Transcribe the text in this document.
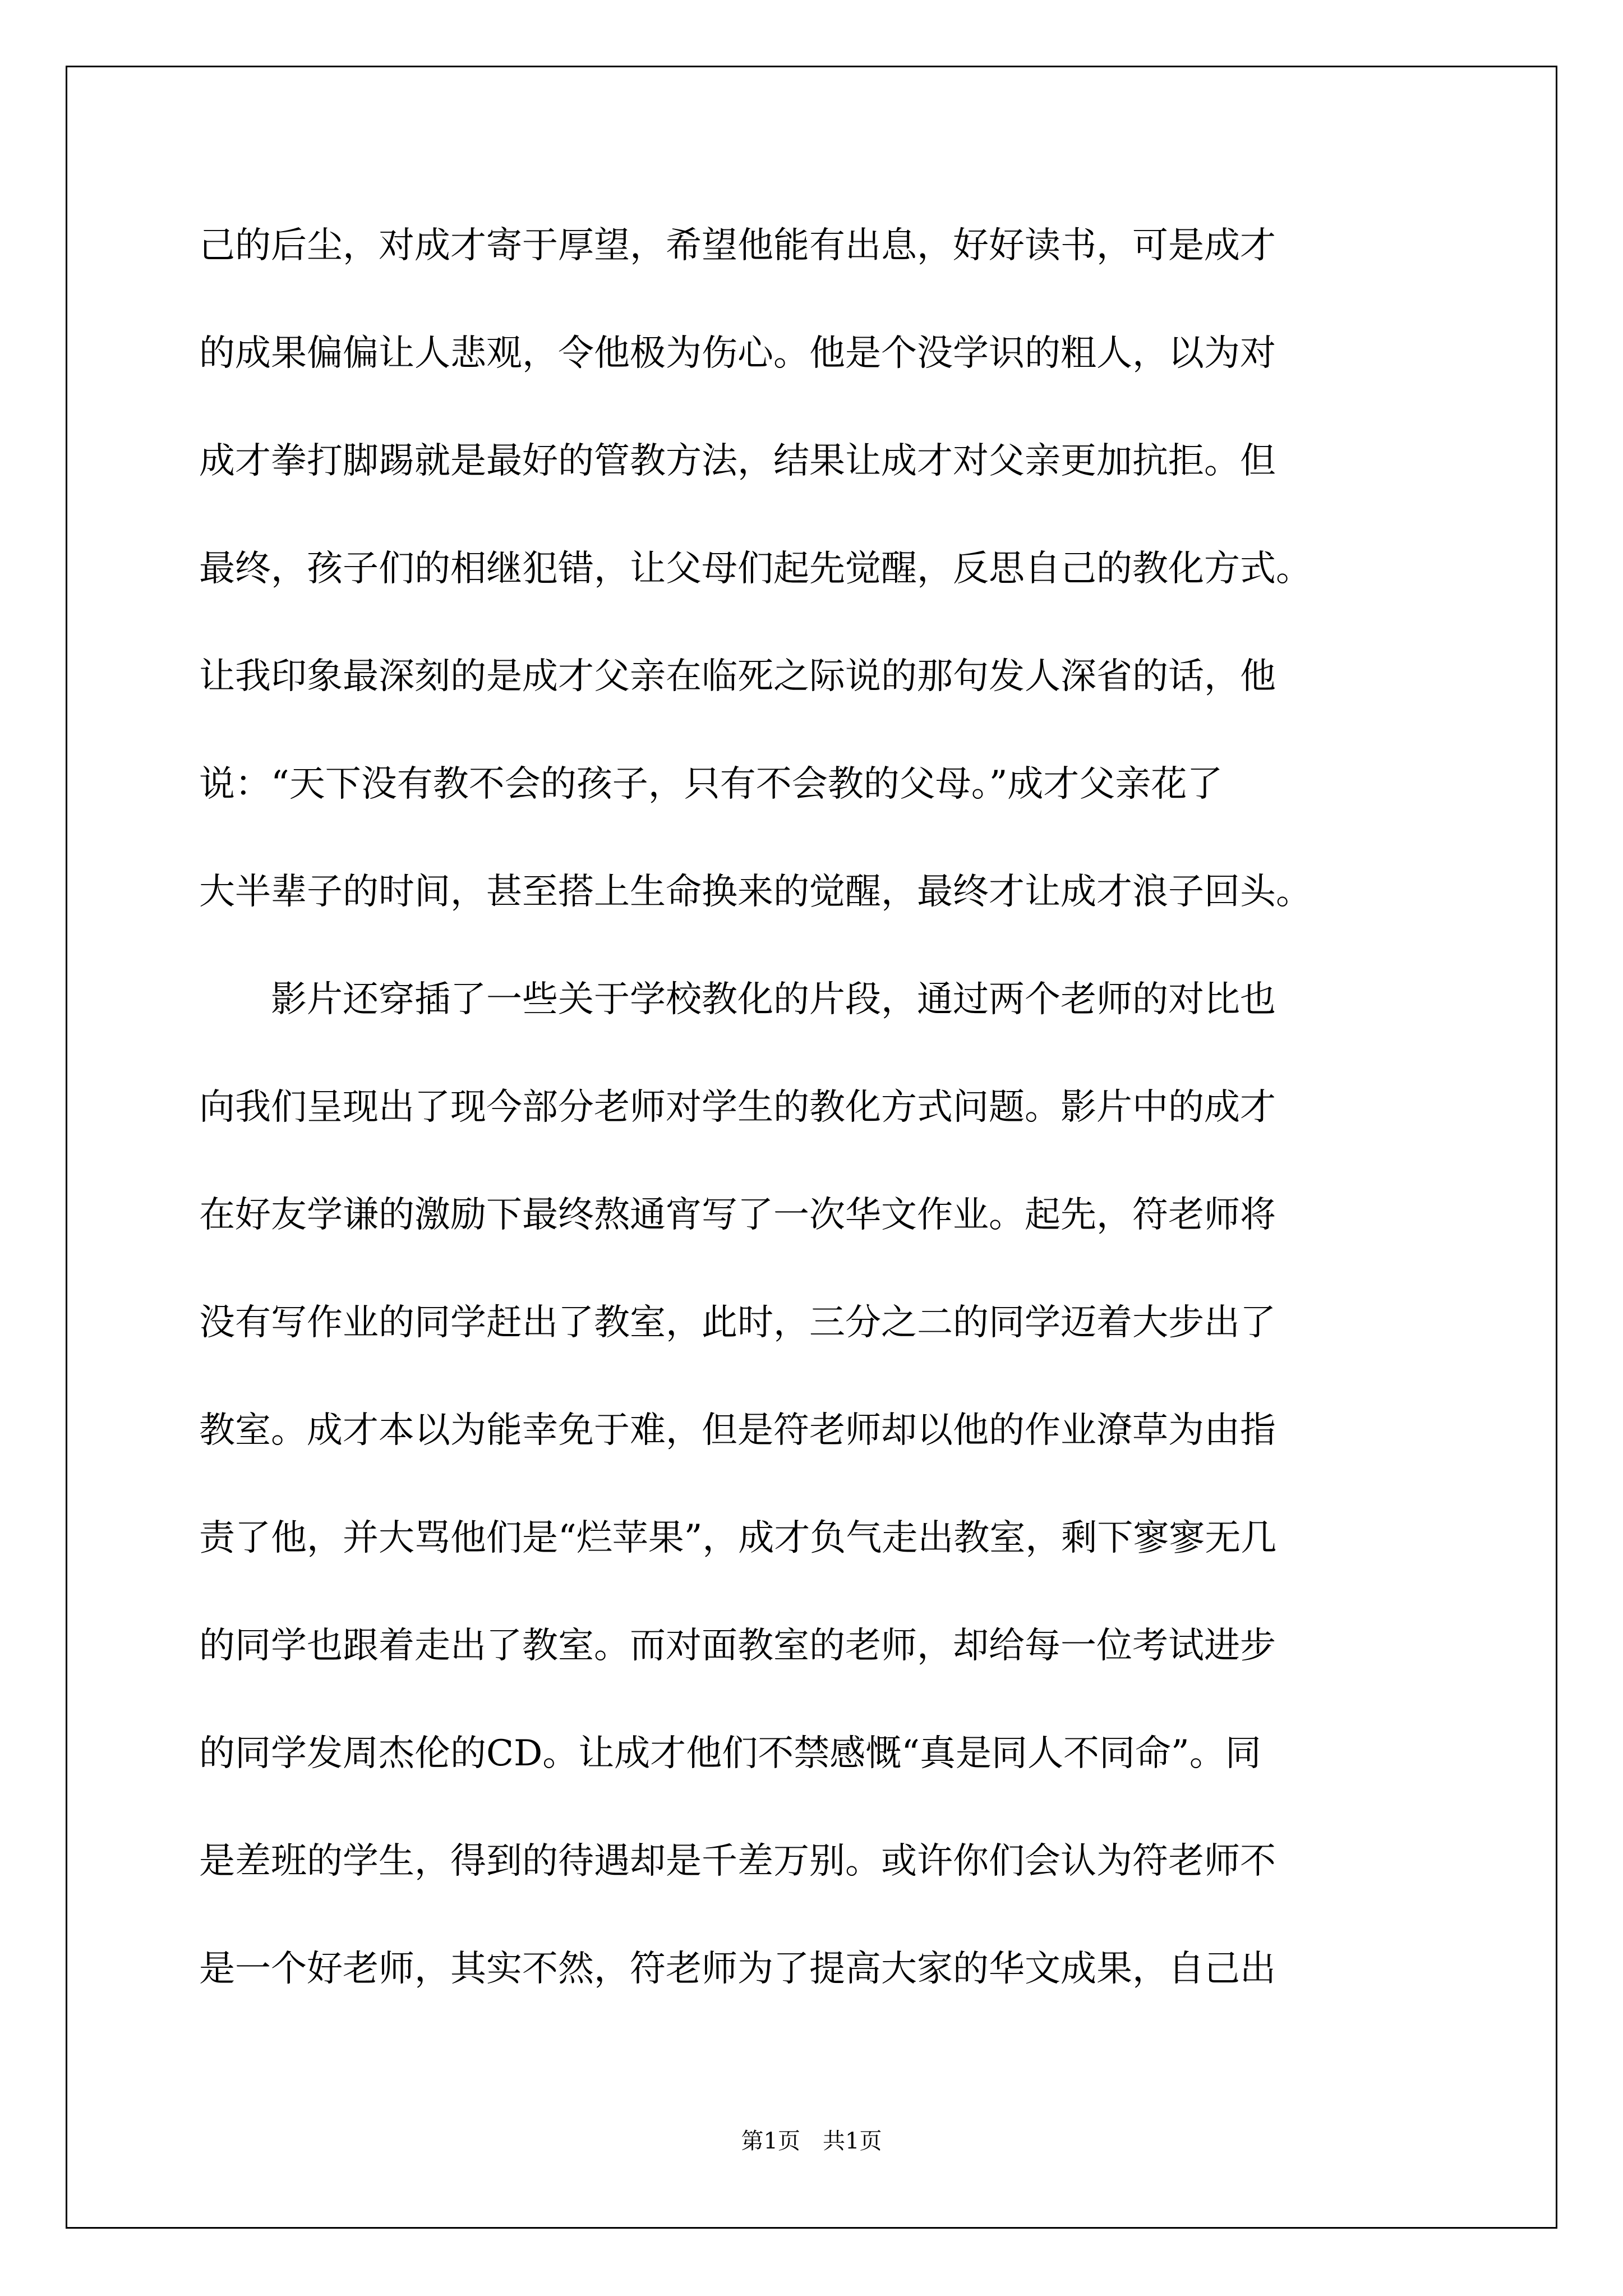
己的后尘，对成才寄于厚望，希望他能有出息，好好读书，可是成才
的成果偏偏让人悲观，令他极为伤心。他是个没学识的粗人，以为对
成才拳打脚踢就是最好的管教方法，结果让成才对父亲更加抗拒。但
最终，孩子们的相继犯错，让父母们起先觉醒，反思自己的教化方式。
让我印象最深刻的是成才父亲在临死之际说的那句发人深省的话，他
说：“天下没有教不会的孩子，只有不会教的父母。”成才父亲花了
大半辈子的时间，甚至搭上生命换来的觉醒，最终才让成才浪子回头。
　　影片还穿插了一些关于学校教化的片段，通过两个老师的对比也
向我们呈现出了现今部分老师对学生的教化方式问题。影片中的成才
在好友学谦的激励下最终熬通宵写了一次华文作业。起先，符老师将
没有写作业的同学赶出了教室，此时，三分之二的同学迈着大步出了
教室。成才本以为能幸免于难，但是符老师却以他的作业潦草为由指
责了他，并大骂他们是“烂苹果”，成才负气走出教室，剩下寥寥无几
的同学也跟着走出了教室。而对面教室的老师，却给每一位考试进步
的同学发周杰伦的CD。让成才他们不禁感慨“真是同人不同命”。同
是差班的学生，得到的待遇却是千差万别。或许你们会认为符老师不
是一个好老师，其实不然，符老师为了提高大家的华文成果，自己出
第1页　共1页
